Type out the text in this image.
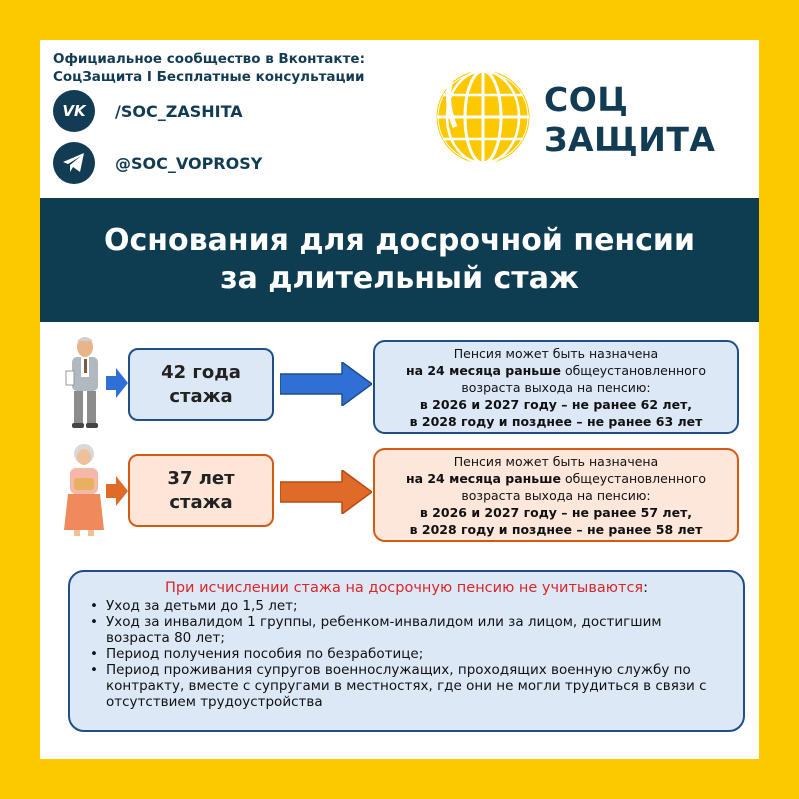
Официальное сообщество в Вконтакте:
СоцЗащита I Бесплатные консультации
VK /SOC_ZASHITA
@SOC_VOPROSY
СОЦ
ЗАЩИТА
Основания для досрочной пенсии
за длительный стаж
42 года
стажа
Пенсия может быть назначена
на 24 месяца раньше общеустановленного
возраста выхода на пенсию:
в 2026 и 2027 году – не ранее 62 лет,
в 2028 году и позднее – не ранее 63 лет
37 лет
стажа
Пенсия может быть назначена
на 24 месяца раньше общеустановленного
возраста выхода на пенсию:
в 2026 и 2027 году – не ранее 57 лет,
в 2028 году и позднее – не ранее 58 лет
При исчислении стажа на досрочную пенсию не учитываются:
• Уход за детьми до 1,5 лет;
• Уход за инвалидом 1 группы, ребенком-инвалидом или за лицом, достигшим возраста 80 лет;
• Период получения пособия по безработице;
• Период проживания супругов военнослужащих, проходящих военную службу по контракту, вместе с супругами в местностях, где они не могли трудиться в связи с отсутствием трудоустройства
